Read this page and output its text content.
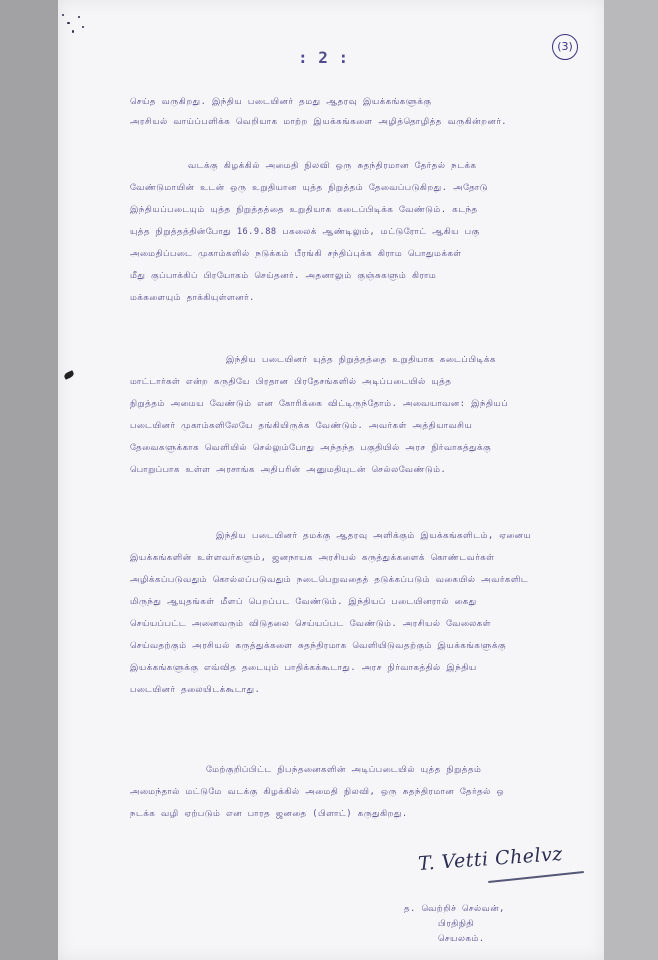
: 2 :
(3)
செய்த வருகிறது. இந்திய படையினர் தமது ஆதரவு இயக்கங்களுக்கு
அரசியல் வாய்ப்பளிக்க வெறியாக மாற்ற இயக்கங்களை அழித்தொழித்த வருகின்றனர்.
வடக்கு கிழக்கில் அமைதி நிலவி ஒரு சுதந்திரமான தேர்தல் நடக்க
வேண்டுமாயின் உடன் ஒரு உறுதியான யுத்த நிறுத்தம் தேவைப்படுகிறது. அதோடு
இந்தியப்படையும் யுத்த நிறுத்தத்தை உறுதியாக கடைப்பிடிக்க வேண்டும். கடந்த
யுத்த நிறுத்தத்தின்போது 16.9.88 பகலைக் ஆண்டிலும், மட்டுரோட் ஆகிய பகு
அமைதிப்படை முகாம்களில் நடுக்கம் பீரங்கி சந்திப்புக்க கிராம பொதுமக்கள்
மீது குப்பாக்கிப் பிரயோகம் செய்தனர். அதனாலும் குஞ்சுகளும் கிராம
மக்களையும் தாக்கியுள்ளனர்.
இந்திய படையினர் யுத்த நிறுத்தத்தை உறுதியாக கடைப்பிடிக்க
மாட்டார்கள் என்ற கருதியே பிரதான பிரதேசங்களில் அடிப்படையில் யுத்த
நிறுத்தம் அமைய வேண்டும் என கோரிக்கை விட்டிருந்தோம். அவையாவன: இந்தியப்
படையினர் முகாம்களிலேயே தங்கியிருக்க வேண்டும். அவர்கள் அத்தியாவசிய
தேவைகளுக்காக வெளியில் செல்லும்போது அந்தந்த பகுதியில் அரச நிர்வாகத்துக்கு
பொறுப்பாக உள்ள அரசாங்க அதிபரின் அனுமதியுடன் செல்லவேண்டும்.
இந்திய படையினர் தமக்கு ஆதரவு அளிக்கும் இயக்கங்களிடம், ஏனைய
இயக்கங்களின் உள்ளவர்களும், ஜனநாயக அரசியல் கருத்துக்களைக் கொண்டவர்கள்
அழிக்கப்படுவதும் கொல்லப்படுவதும் நடைபெறுவதைத் தடுக்கப்படும் வகையில் அவர்களிட
மிருந்து ஆயுதங்கள் மீளப் பெறப்பட வேண்டும். இந்தியப் படையினரால் கைது
செய்யப்பட்ட அனைவரும் விடுதலை செய்யப்பட வேண்டும். அரசியல் வேலைகள்
செய்வதற்கும் அரசியல் கருத்துக்களை சுதந்திரமாக வெளியிடுவதற்கும் இயக்கங்களுக்கு
இயக்கங்களுக்கு எவ்வித தடையும் பாதிக்கக்கூடாது. அரச நிர்வாகத்தில் இந்திய
படையினர் தலையிடக்கூடாது.
மேற்குறிப்பிட்ட நிபந்தனைகளின் அடிப்படையில் யுத்த நிறுத்தம்
அமைந்தால் மட்டுமே வடக்கு கிழக்கில் அமைதி நிலவி, ஒரு சுதந்திரமான தேர்தல் ஒ
நடக்க வழி ஏற்படும் என பாரத ஜனதை (பிளாட்) கருதுகிறது.
T. Vetti Chelvz
த. வெற்றிச் செல்வன்,
பிரதிநிதி
செயலகம்.
